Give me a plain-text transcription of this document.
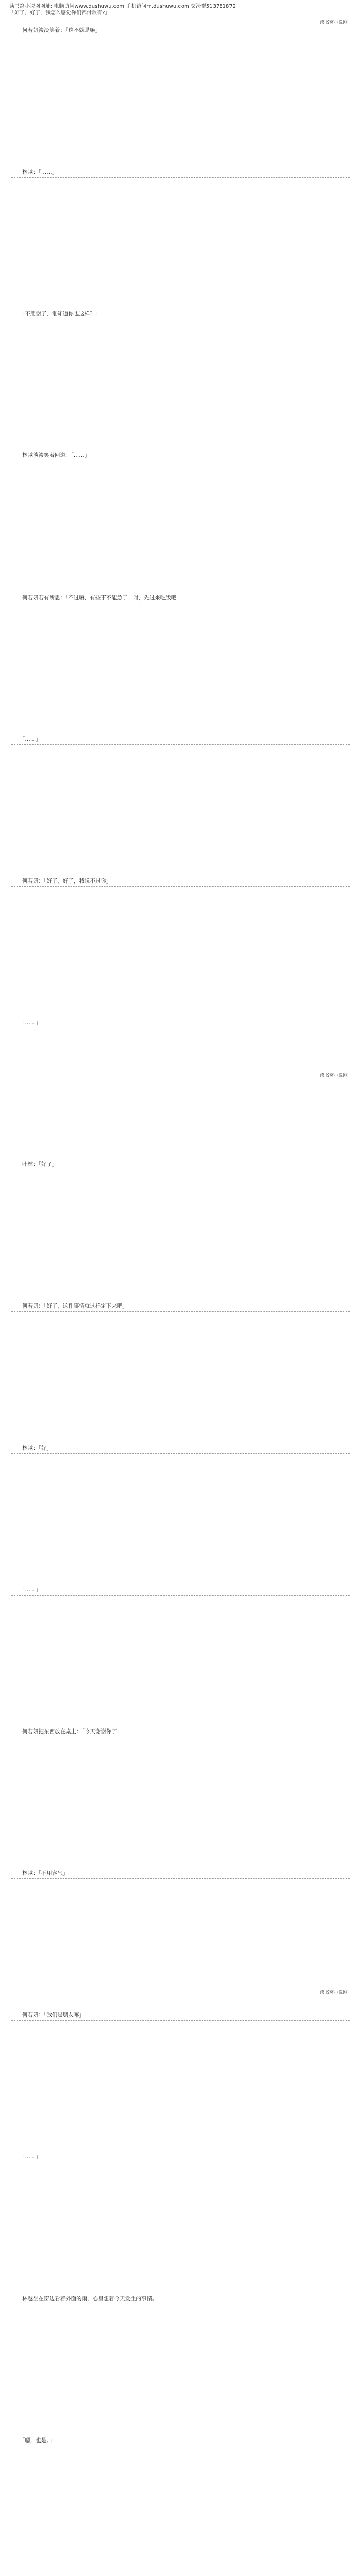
读书窝小说网网址: 电脑访问www.dushuwu.com 手机访问m.dushuwu.com 交流群513781872
「好了，好了，我怎么感觉你们都付款有?」
　　何若妍淡淡笑着：「这不就是嘛」
　　林越：「……」
　　「不用谢了，谁知道你也这样？」
　　林越淡淡笑着回道：「……」
　　何若妍若有所思：「不过嘛，有些事不能急于一时，先过来吃饭吧」
　　「……」
　　何若妍：「好了，好了，我说不过你」
　　「……」
　　叶林：「好了」
　　何若妍：「好了，这件事情就这样定下来吧」
　　林越：「好」
　　「……」
　　何若妍把东西放在桌上：「今天谢谢你了」
　　林越：「不用客气」
　　何若妍：「我们是朋友嘛」
　　「……」
　　林越坐在窗边看着外面的雨，心里想着今天发生的事情。
　　「嗯，也是。」
读书窝小说网
读书窝小说网
读书窝小说网
